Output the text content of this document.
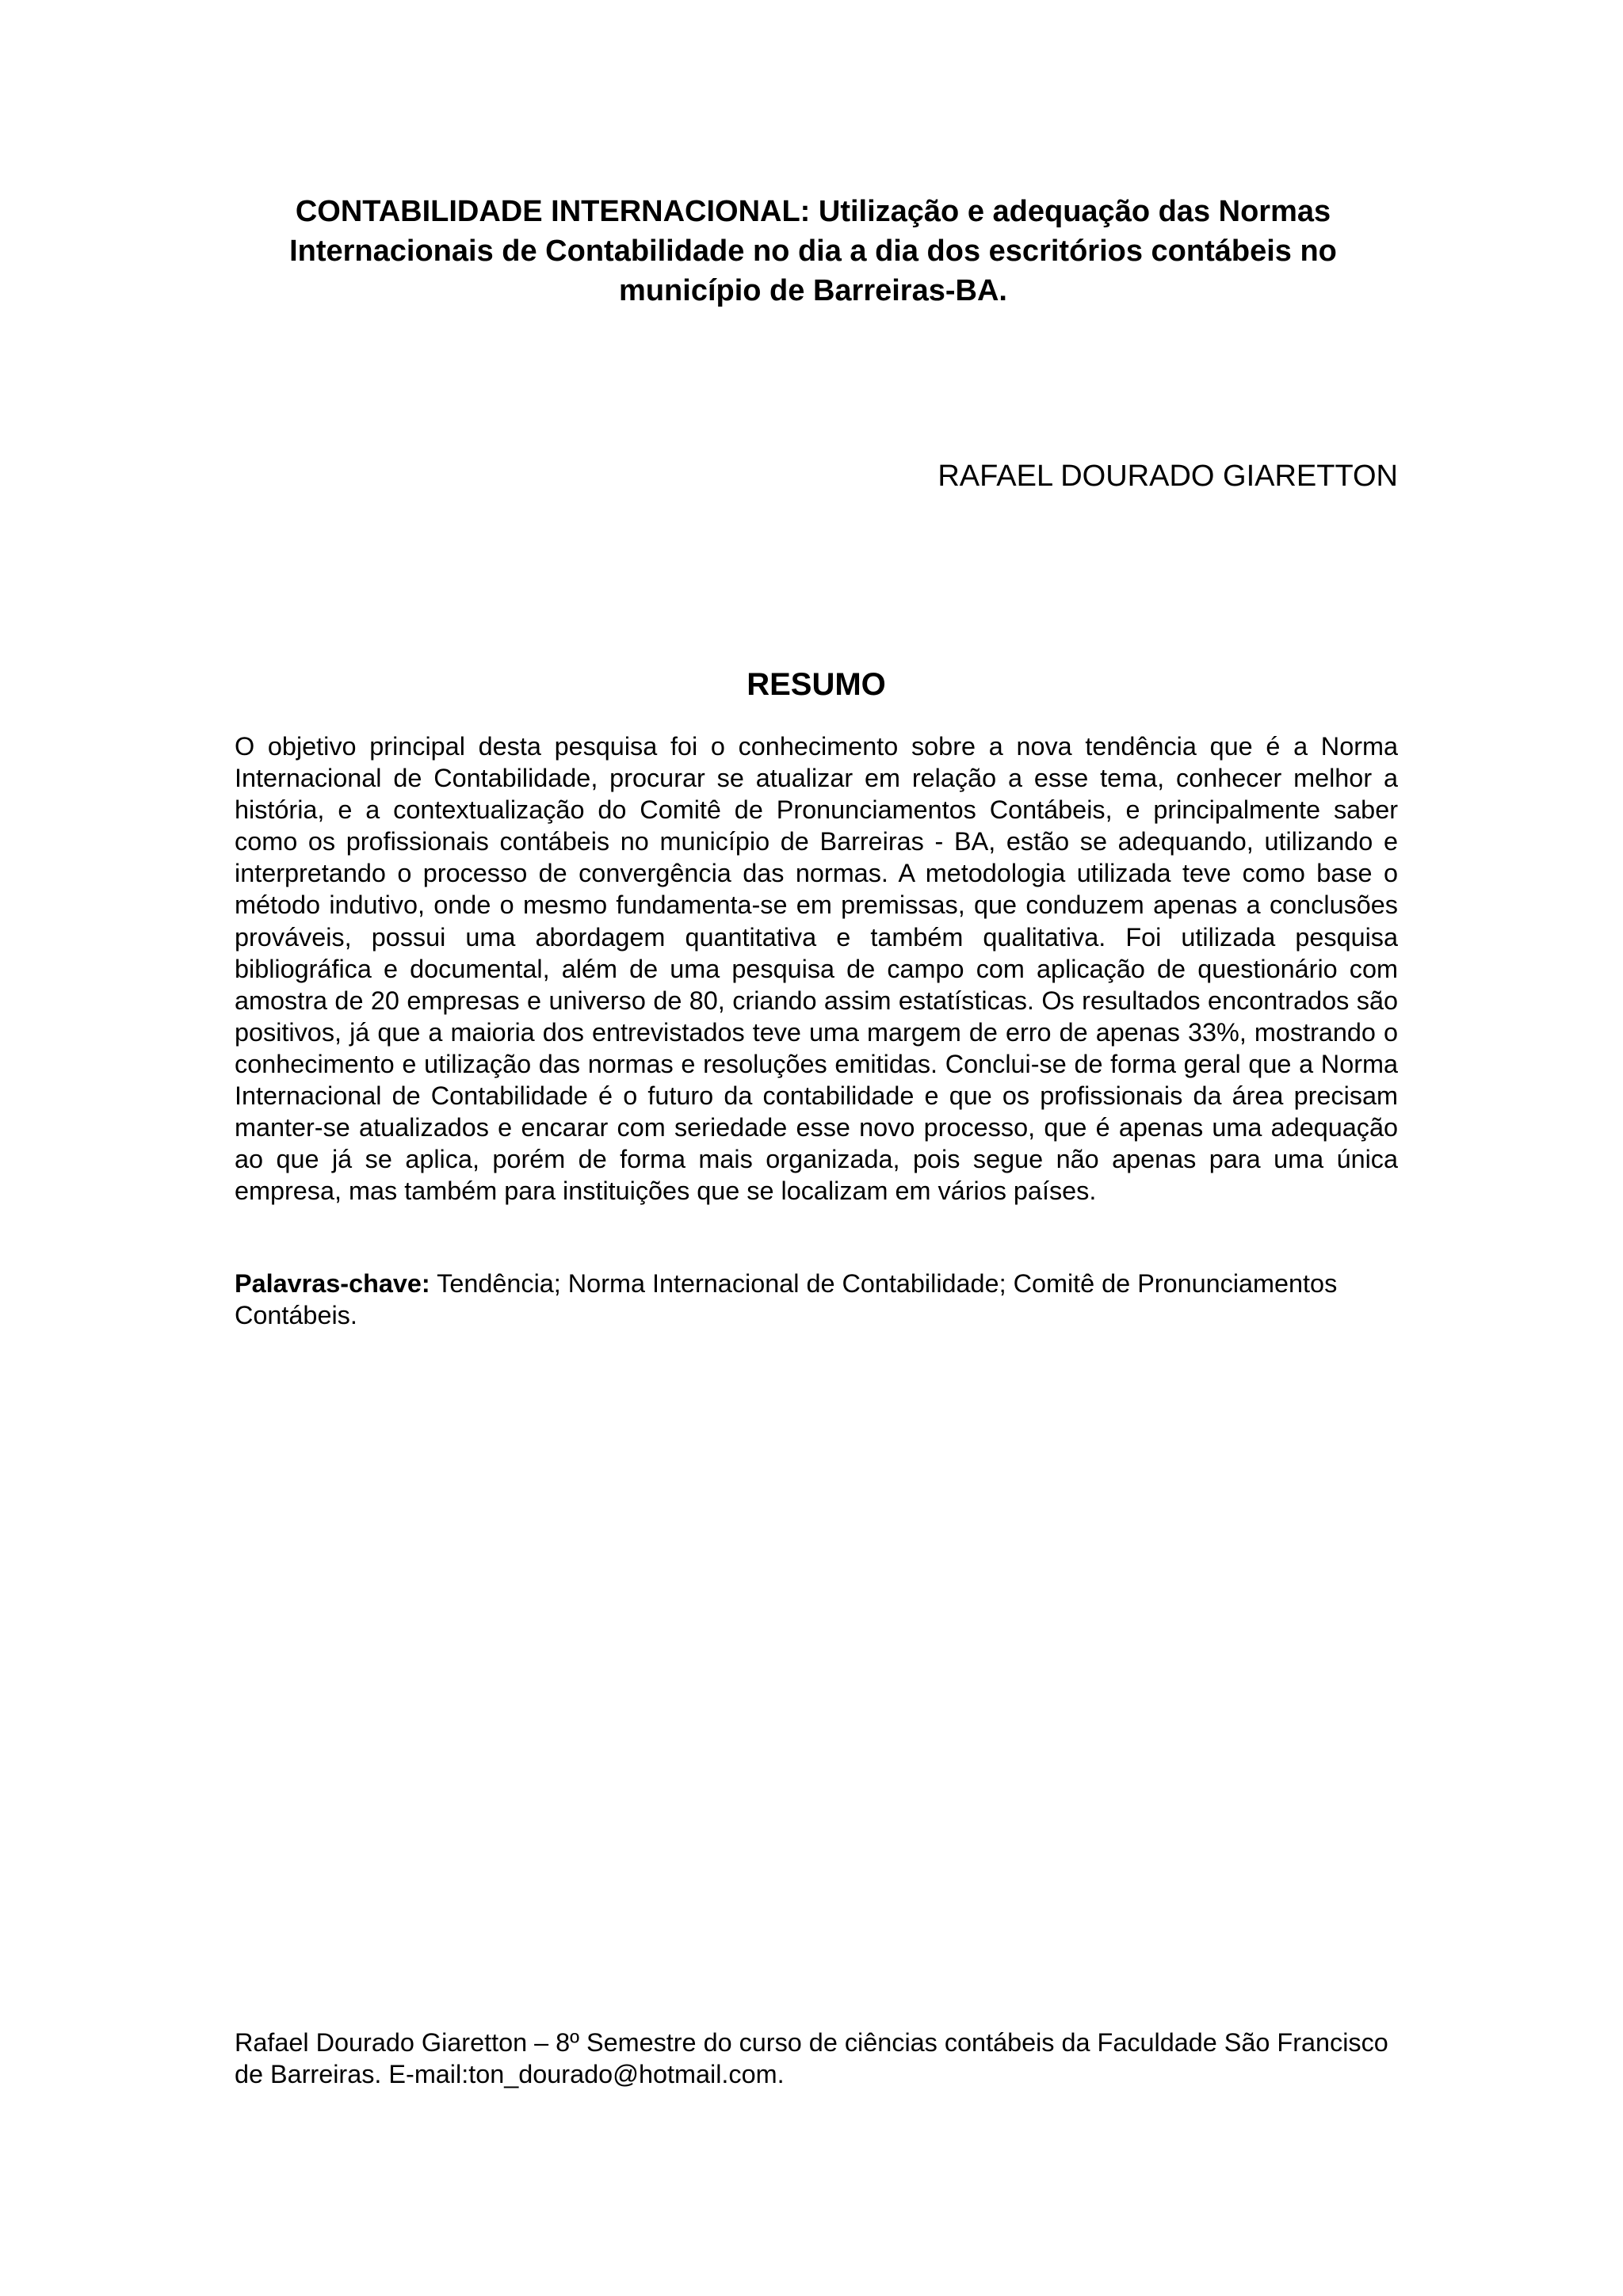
CONTABILIDADE INTERNACIONAL: Utilização e adequação das Normas Internacionais de Contabilidade no dia a dia dos escritórios contábeis no município de Barreiras-BA.
RAFAEL DOURADO GIARETTON
RESUMO

O objetivo principal desta pesquisa foi o conhecimento sobre a nova tendência que é a Norma Internacional de Contabilidade, procurar se atualizar em relação a esse tema, conhecer melhor a história, e a contextualização do Comitê de Pronunciamentos Contábeis, e principalmente saber como os profissionais contábeis no município de Barreiras - BA, estão se adequando, utilizando e interpretando o processo de convergência das normas. A metodologia utilizada teve como base o método indutivo, onde o mesmo fundamenta-se em premissas, que conduzem apenas a conclusões prováveis, possui uma abordagem quantitativa e também qualitativa. Foi utilizada pesquisa bibliográfica e documental, além de uma pesquisa de campo com aplicação de questionário com amostra de 20 empresas e universo de 80, criando assim estatísticas. Os resultados encontrados são positivos, já que a maioria dos entrevistados teve uma margem de erro de apenas 33%, mostrando o conhecimento e utilização das normas e resoluções emitidas. Conclui-se de forma geral que a Norma Internacional de Contabilidade é o futuro da contabilidade e que os profissionais da área precisam manter-se atualizados e encarar com seriedade esse novo processo, que é apenas uma adequação ao que já se aplica, porém de forma mais organizada, pois segue não apenas para uma única empresa, mas também para instituições que se localizam em vários países.

Palavras-chave: Tendência; Norma Internacional de Contabilidade; Comitê de Pronunciamentos Contábeis.

Rafael Dourado Giaretton – 8º Semestre do curso de ciências contábeis da Faculdade São Francisco de Barreiras. E-mail:ton_dourado@hotmail.com.
